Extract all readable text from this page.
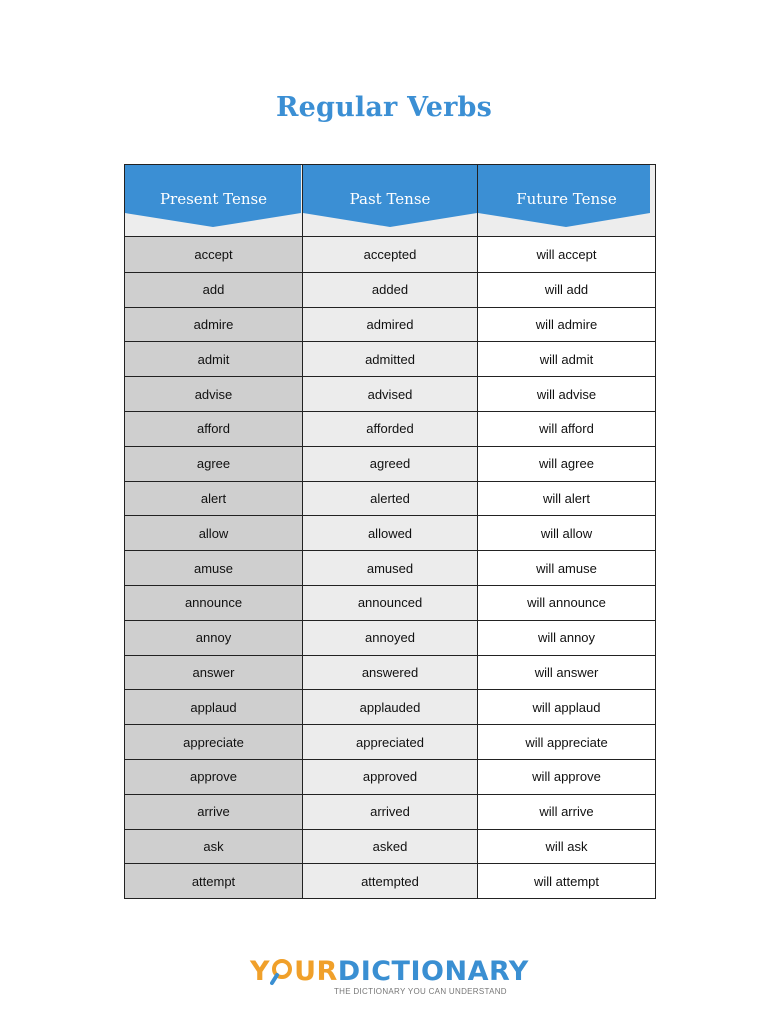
Regular Verbs
Present Tense	Past Tense	Future Tense
accept	accepted	will accept
add	added	will add
admire	admired	will admire
admit	admitted	will admit
advise	advised	will advise
afford	afforded	will afford
agree	agreed	will agree
alert	alerted	will alert
allow	allowed	will allow
amuse	amused	will amuse
announce	announced	will announce
annoy	annoyed	will annoy
answer	answered	will answer
applaud	applauded	will applaud
appreciate	appreciated	will appreciate
approve	approved	will approve
arrive	arrived	will arrive
ask	asked	will ask
attempt	attempted	will attempt
Y URDICTIONARY
THE DICTIONARY YOU CAN UNDERSTAND
